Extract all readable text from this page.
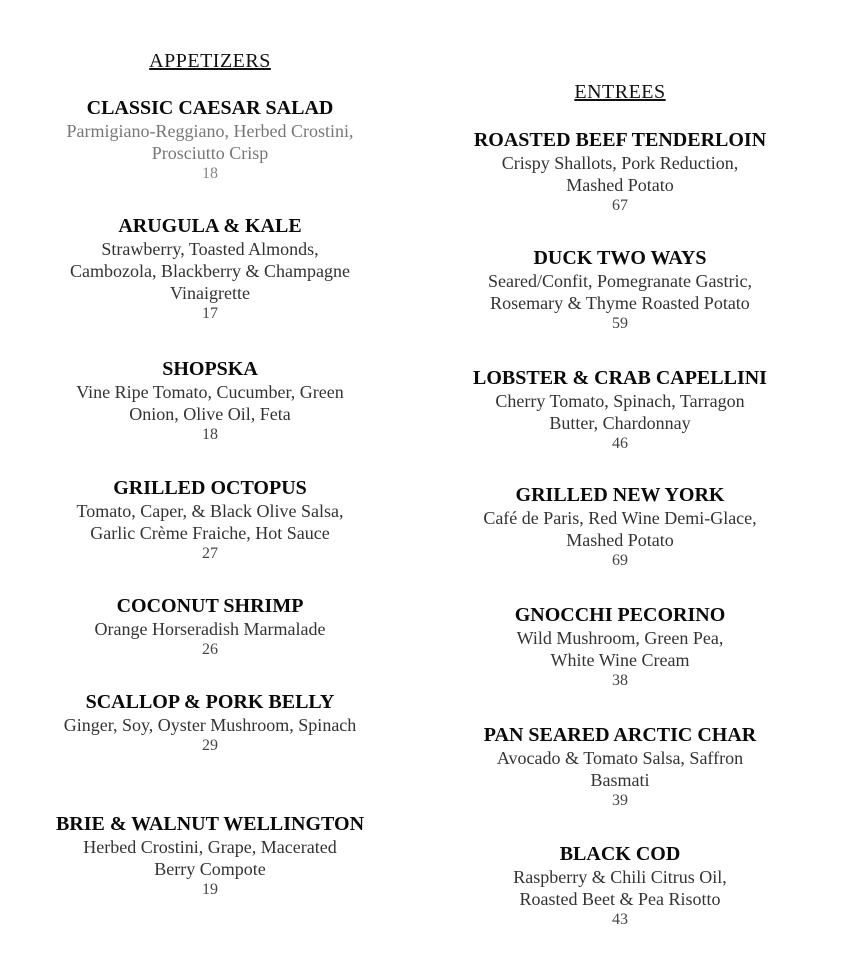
APPETIZERS
CLASSIC CAESAR SALAD
Parmigiano-Reggiano, Herbed Crostini,
Prosciutto Crisp
18
ARUGULA & KALE
Strawberry, Toasted Almonds,
Cambozola, Blackberry & Champagne
Vinaigrette
17
SHOPSKA
Vine Ripe Tomato, Cucumber, Green
Onion, Olive Oil, Feta
18
GRILLED OCTOPUS
Tomato, Caper, & Black Olive Salsa,
Garlic Crème Fraiche, Hot Sauce
27
COCONUT SHRIMP
Orange Horseradish Marmalade
26
SCALLOP & PORK BELLY
Ginger, Soy, Oyster Mushroom, Spinach
29
BRIE & WALNUT WELLINGTON
Herbed Crostini, Grape, Macerated
Berry Compote
19
ENTREES
ROASTED BEEF TENDERLOIN
Crispy Shallots, Pork Reduction,
Mashed Potato
67
DUCK TWO WAYS
Seared/Confit, Pomegranate Gastric,
Rosemary & Thyme Roasted Potato
59
LOBSTER & CRAB CAPELLINI
Cherry Tomato, Spinach, Tarragon
Butter, Chardonnay
46
GRILLED NEW YORK
Café de Paris, Red Wine Demi-Glace,
Mashed Potato
69
GNOCCHI PECORINO
Wild Mushroom, Green Pea,
White Wine Cream
38
PAN SEARED ARCTIC CHAR
Avocado & Tomato Salsa, Saffron
Basmati
39
BLACK COD
Raspberry & Chili Citrus Oil,
Roasted Beet & Pea Risotto
43
